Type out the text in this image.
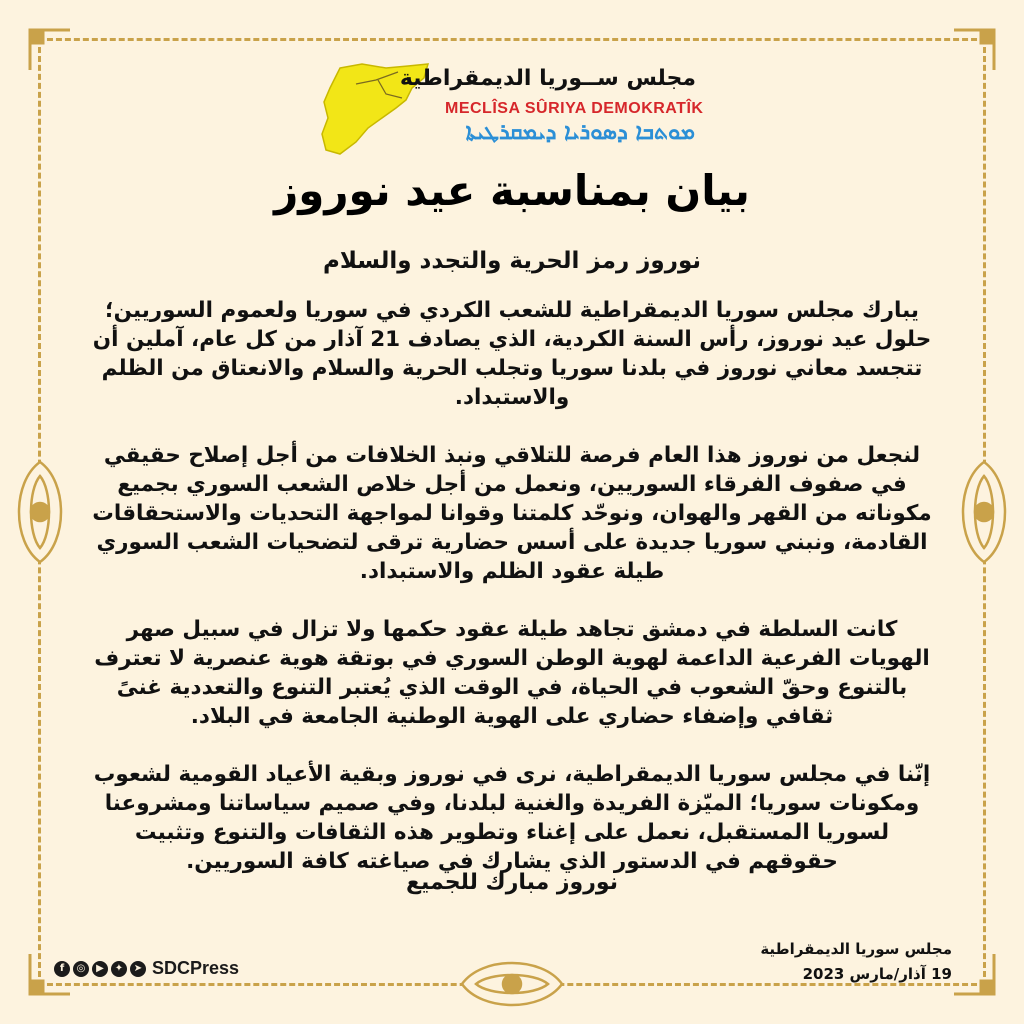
مجلس ســوريا الديمقراطية
MECLÎSA SÛRIYA DEMOKRATÎK
ܡܘܬܒܐ ܕܣܘܪܝܐ ܕܝܡܩܪܛܝܬܐ
بيان بمناسبة عيد نوروز
نوروز رمز الحرية والتجدد والسلام

يبارك مجلس سوريا الديمقراطية للشعب الكردي في سوريا ولعموم السوريين؛ حلول عيد نوروز، رأس السنة الكردية، الذي يصادف 21 آذار من كل عام، آملين أن تتجسد معاني نوروز في بلدنا سوريا وتجلب الحرية والسلام والانعتاق من الظلم والاستبداد.

لنجعل من نوروز هذا العام فرصة للتلاقي ونبذ الخلافات من أجل إصلاح حقيقي في صفوف الفرقاء السوريين، ونعمل من أجل خلاص الشعب السوري بجميع مكوناته من القهر والهوان، ونوحّد كلمتنا وقوانا لمواجهة التحديات والاستحقاقات القادمة، ونبني سوريا جديدة على أسس حضارية ترقى لتضحيات الشعب السوري طيلة عقود الظلم والاستبداد.

كانت السلطة في دمشق تجاهد طيلة عقود حكمها ولا تزال في سبيل صهر الهويات الفرعية الداعمة لهوية الوطن السوري في بوتقة هوية عنصرية لا تعترف بالتنوع وحقّ الشعوب في الحياة، في الوقت الذي يُعتبر التنوع والتعددية غنىً ثقافي وإضفاء حضاري على الهوية الوطنية الجامعة في البلاد.

إنّنا في مجلس سوريا الديمقراطية، نرى في نوروز وبقية الأعياد القومية لشعوب ومكونات سوريا؛ الميّزة الفريدة والغنية لبلدنا، وفي صميم سياساتنا ومشروعنا لسوريا المستقبل، نعمل على إغناء وتطوير هذه الثقافات والتنوع وتثبيت حقوقهم في الدستور الذي يشارك في صياغته كافة السوريين.

نوروز مبارك للجميع
مجلس سوريا الديمقراطية
19 آذار/مارس 2023
f	◎	▶	✦	➤ SDCPress
